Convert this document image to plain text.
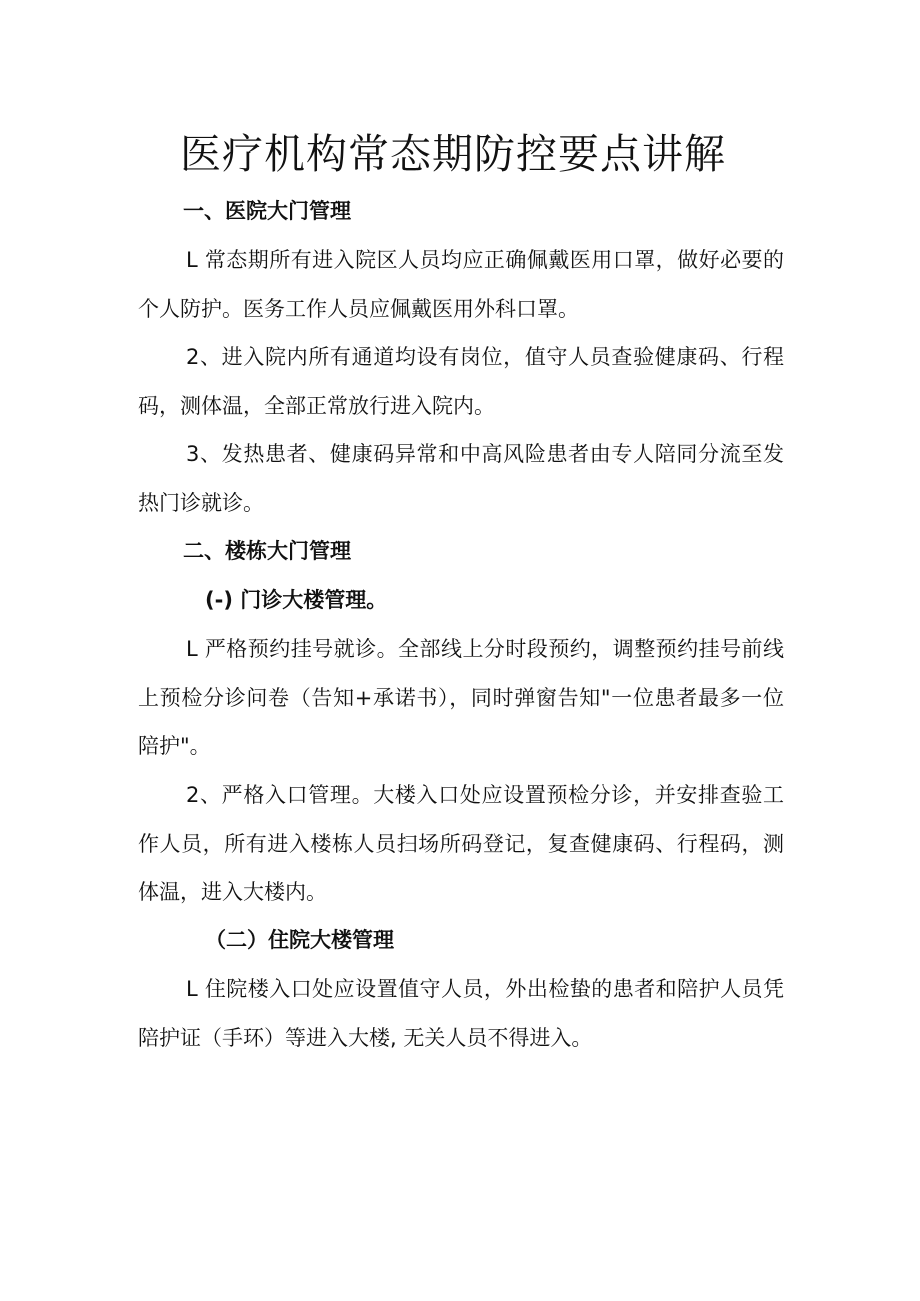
医疗机构常态期防控要点讲解
一、医院大门管理

L 常态期所有进入院区人员均应正确佩戴医用口罩，做好必要的个人防护。医务工作人员应佩戴医用外科口罩。

2、进入院内所有通道均设有岗位，值守人员查验健康码、行程码，测体温，全部正常放行进入院内。

3、发热患者、健康码异常和中高风险患者由专人陪同分流至发热门诊就诊。

二、楼栋大门管理
(-) 门诊大楼管理。

L 严格预约挂号就诊。全部线上分时段预约，调整预约挂号前线上预检分诊问卷（告知+承诺书），同时弹窗告知"一位患者最多一位陪护"。

2、严格入口管理。大楼入口处应设置预检分诊，并安排查验工作人员，所有进入楼栋人员扫场所码登记，复查健康码、行程码，测体温，进入大楼内。

（二）住院大楼管理

L 住院楼入口处应设置值守人员，外出检蛰的患者和陪护人员凭陪护证（手环）等进入大楼, 无关人员不得进入。
